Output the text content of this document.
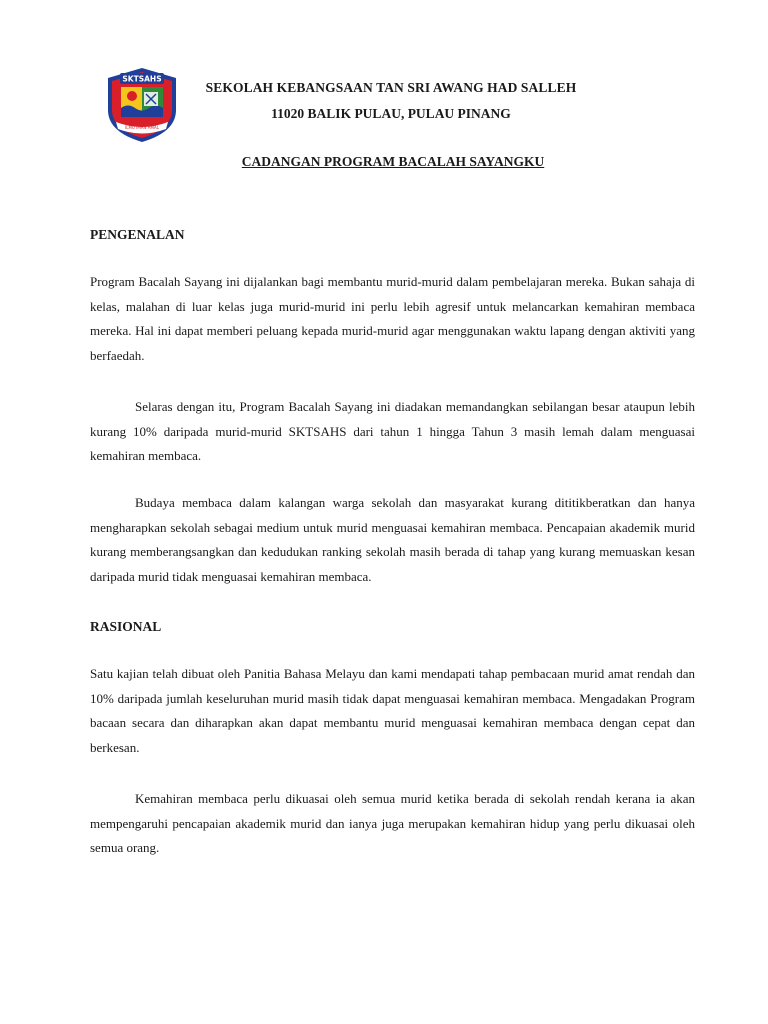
SKTSAHS
ILMU IMAN AMAL
SEKOLAH KEBANGSAAN TAN SRI AWANG HAD SALLEH
11020 BALIK PULAU, PULAU PINANG
CADANGAN PROGRAM BACALAH SAYANGKU
PENGENALAN

Program Bacalah Sayang ini dijalankan bagi membantu murid-murid dalam pembelajaran mereka. Bukan sahaja di kelas, malahan di luar kelas juga murid-murid ini perlu lebih agresif untuk melancarkan kemahiran membaca mereka. Hal ini dapat memberi peluang kepada murid-murid agar menggunakan waktu lapang dengan aktiviti yang berfaedah.

Selaras dengan itu, Program Bacalah Sayang ini diadakan memandangkan sebilangan besar ataupun lebih kurang 10% daripada murid-murid SKTSAHS dari tahun 1 hingga Tahun 3 masih lemah dalam menguasai kemahiran membaca.

Budaya membaca dalam kalangan warga sekolah dan masyarakat kurang dititikberatkan dan hanya mengharapkan sekolah sebagai medium untuk murid menguasai kemahiran membaca. Pencapaian akademik murid kurang memberangsangkan dan kedudukan ranking sekolah masih berada di tahap yang kurang memuaskan kesan daripada murid tidak menguasai kemahiran membaca.

RASIONAL

Satu kajian telah dibuat oleh Panitia Bahasa Melayu dan kami mendapati tahap pembacaan murid amat rendah dan 10% daripada jumlah keseluruhan murid masih tidak dapat menguasai kemahiran membaca. Mengadakan Program bacaan secara dan diharapkan akan dapat membantu murid menguasai kemahiran membaca dengan cepat dan berkesan.

Kemahiran membaca perlu dikuasai oleh semua murid ketika berada di sekolah rendah kerana ia akan mempengaruhi pencapaian akademik murid dan ianya juga merupakan kemahiran hidup yang perlu dikuasai oleh semua orang.
